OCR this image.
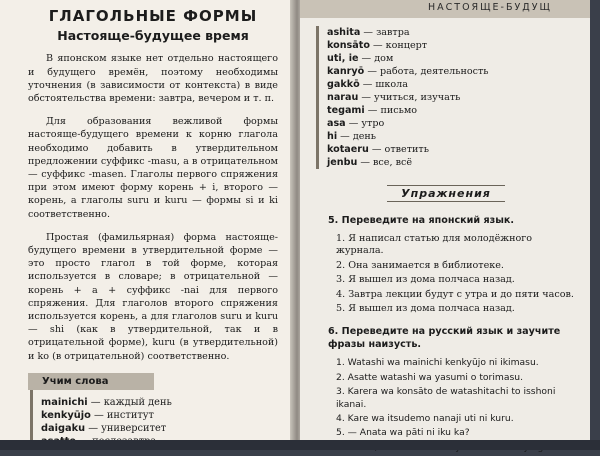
ГЛАГОЛЬНЫЕ ФОРМЫ
Настояще-будущее время

В японском языке нет отдельно настоящего и будущего времён, поэтому необходимы уточнения (в зависимости от контекста) в виде обстоятельства времени: завтра, вечером и т. п.

Для образования вежливой формы настояще-будущего времени к корню глагола необходимо добавить в утвердительном предложении суффикс -masu, а в отрицательном — суффикс -masen. Глаголы первого спряжения при этом имеют форму корень + i, второго — корень, а глаголы suru и kuru — формы si и ki соответственно.

Простая (фамильярная) форма настояще-будущего времени в утвердительной форме — это просто глагол в той форме, которая используется в словаре; в отрицательной — корень + a + суффикс -nai для первого спряжения. Для глаголов второго спряжения используется корень, а для глаголов suru и kuru — shi (как в утвердительной, так и в отрицательной форме), kuru (в утвердительной) и ko (в отрицательной) соответственно.

Учим слова
mainichi — каждый день
kenkyūjo — институт
daigaku — университет
НАСТОЯЩЕ-БУДУЩ
ashita — завтра
konsāto — концерт
uti, ie — дом
kanryō — работа, деятельность
gakkō — школа
narau — учиться, изучать
tegami — письмо
asa — утро
hi — день
kotaeru — ответить
jenbu — все, всё
Упражнения
5. Переведите на японский язык.
1. Я написал статью для молодёжного журнала.
2. Она занимается в библиотеке.
3. Я вышел из дома полчаса назад.
4. Завтра лекции будут с утра и до пяти часов.
5. Я вышел из дома полчаса назад.
6. Переведите на русский язык и заучите фразы наизусть.
1. Watashi wa mainichi kenkyūjo ni ikimasu.
2. Asatte watashi wa yasumi o torimasu.
3. Karera wa konsāto de watashitachi to isshoni ikanai.
4. Kare wa itsudemo nanaji uti ni kuru.
5. — Anata wa pāti ni iku ka?
